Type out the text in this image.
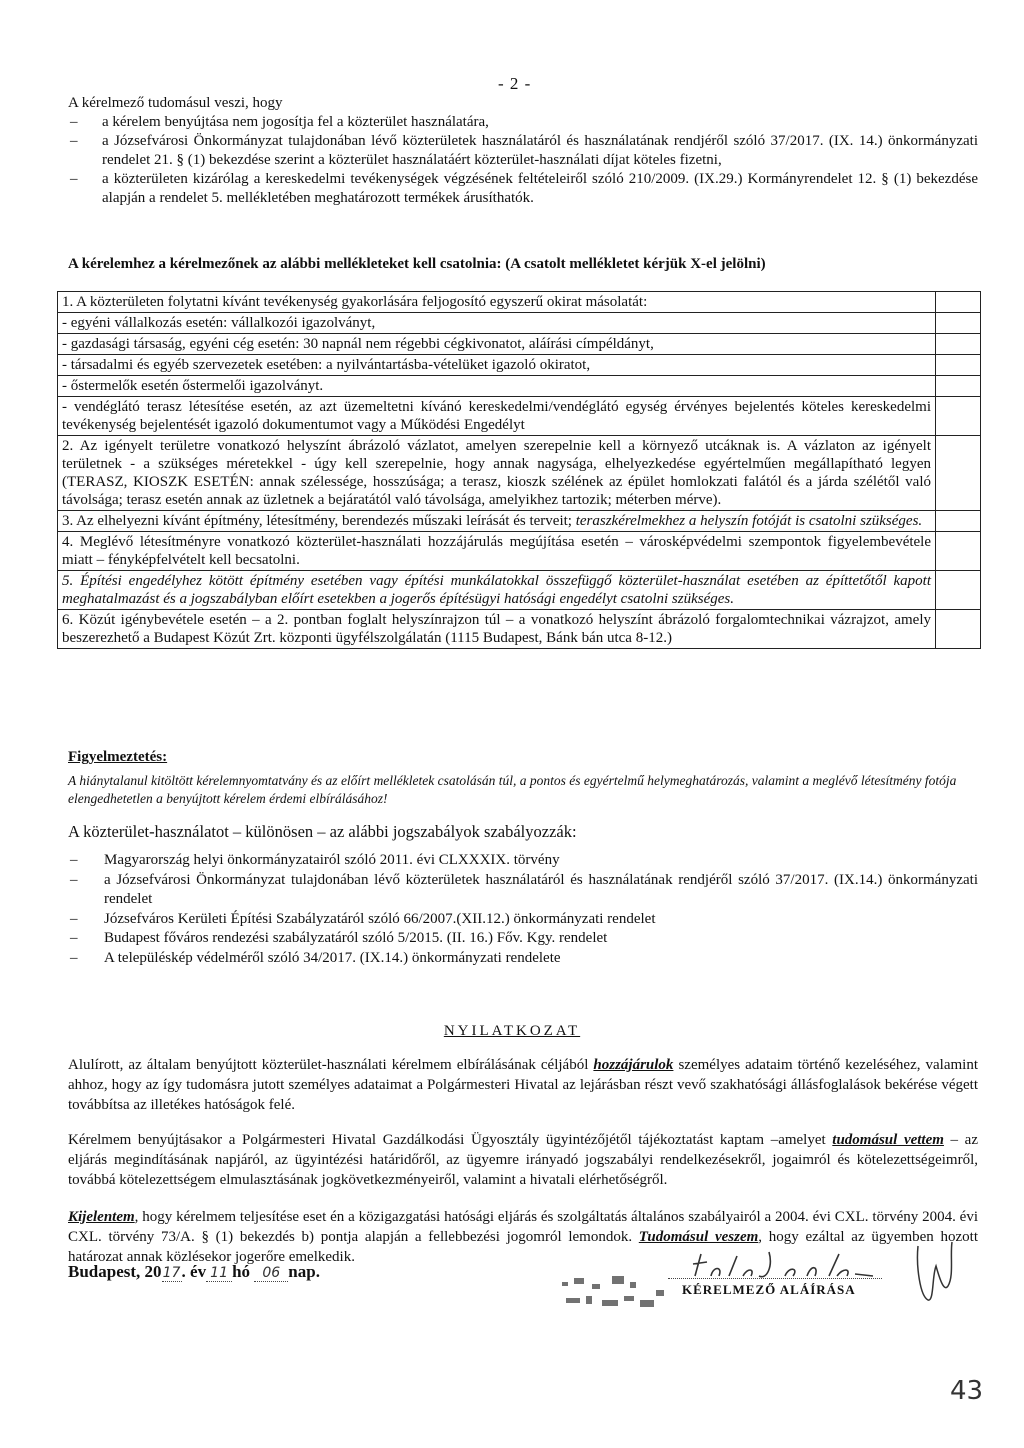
- 2 -
A kérelmező tudomásul veszi, hogy
–	a kérelem benyújtása nem jogosítja fel a közterület használatára,
–	a Józsefvárosi Önkormányzat tulajdonában lévő közterületek használatáról és használatának rendjéről szóló 37/2017. (IX. 14.) önkormányzati rendelet 21. § (1) bekezdése szerint a közterület használatáért közterület-használati díjat köteles fizetni,
–	a közterületen kizárólag a kereskedelmi tevékenységek végzésének feltételeiről szóló 210/2009. (IX.29.) Kormányrendelet 12. § (1) bekezdése alapján a rendelet 5. mellékletében meghatározott termékek árusíthatók.
A kérelemhez a kérelmezőnek az alábbi mellékleteket kell csatolnia: (A csatolt mellékletet kérjük X-el jelölni)
1. A közterületen folytatni kívánt tevékenység gyakorlására feljogosító egyszerű okirat másolatát:	
- egyéni vállalkozás esetén: vállalkozói igazolványt,	
- gazdasági társaság, egyéni cég esetén: 30 napnál nem régebbi cégkivonatot, aláírási címpéldányt,	
- társadalmi és egyéb szervezetek esetében: a nyilvántartásba-vételüket igazoló okiratot,	
- őstermelők esetén őstermelői igazolványt.	
- vendéglátó terasz létesítése esetén, az azt üzemeltetni kívánó kereskedelmi/vendéglátó egység érvényes bejelentés köteles kereskedelmi tevékenység bejelentését igazoló dokumentumot vagy a Működési Engedélyt	
2. Az igényelt területre vonatkozó helyszínt ábrázoló vázlatot, amelyen szerepelnie kell a környező utcáknak is. A vázlaton az igényelt területnek - a szükséges méretekkel - úgy kell szerepelnie, hogy annak nagysága, elhelyezkedése egyértelműen megállapítható legyen (TERASZ, KIOSZK ESETÉN: annak szélessége, hosszúsága; a terasz, kioszk szélének az épület homlokzati falától és a járda szélétől való távolsága; terasz esetén annak az üzletnek a bejáratától való távolsága, amelyikhez tartozik; méterben mérve).	
3. Az elhelyezni kívánt építmény, létesítmény, berendezés műszaki leírását és terveit; teraszkérelmekhez a helyszín fotóját is csatolni szükséges.	
4. Meglévő létesítményre vonatkozó közterület-használati hozzájárulás megújítása esetén – városképvédelmi szempontok figyelembevétele miatt – fényképfelvételt kell becsatolni.	
5. Építési engedélyhez kötött építmény esetében vagy építési munkálatokkal összefüggő közterület-használat esetében az építtetőtől kapott meghatalmazást és a jogszabályban előírt esetekben a jogerős építésügyi hatósági engedélyt csatolni szükséges.	
6. Közút igénybevétele esetén – a 2. pontban foglalt helyszínrajzon túl – a vonatkozó helyszínt ábrázoló forgalomtechnikai vázrajzot, amely beszerezhető a Budapest Közút Zrt. központi ügyfélszolgálatán (1115 Budapest, Bánk bán utca 8-12.)	
Figyelmeztetés:
A hiánytalanul kitöltött kérelemnyomtatvány és az előírt mellékletek csatolásán túl, a pontos és egyértelmű helymeghatározás, valamint a meglévő létesítmény fotója elengedhetetlen a benyújtott kérelem érdemi elbírálásához!
A közterület-használatot – különösen – az alábbi jogszabályok szabályozzák:
–	Magyarország helyi önkormányzatairól szóló 2011. évi CLXXXIX. törvény
–	a Józsefvárosi Önkormányzat tulajdonában lévő közterületek használatáról és használatának rendjéről szóló 37/2017. (IX.14.) önkormányzati rendelet
–	Józsefváros Kerületi Építési Szabályzatáról szóló 66/2007.(XII.12.) önkormányzati rendelet
–	Budapest főváros rendezési szabályzatáról szóló 5/2015. (II. 16.) Főv. Kgy. rendelet
–	A településkép védelméről szóló 34/2017. (IX.14.) önkormányzati rendelete
NYILATKOZAT
Alulírott, az általam benyújtott közterület-használati kérelmem elbírálásának céljából hozzájárulok személyes adataim történő kezeléséhez, valamint ahhoz, hogy az így tudomásra jutott személyes adataimat a Polgármesteri Hivatal az lejárásban részt vevő szakhatósági állásfoglalások bekérése végett továbbítsa az illetékes hatóságok felé.
Kérelmem benyújtásakor a Polgármesteri Hivatal Gazdálkodási Ügyosztály ügyintézőjétől tájékoztatást kaptam –amelyet tudomásul vettem – az eljárás megindításának napjáról, az ügyintézési határidőről, az ügyemre irányadó jogszabályi rendelkezésekről, jogaimról és kötelezettségeimről, továbbá kötelezettségem elmulasztásának jogkövetkezményeiről, valamint a hivatali elérhetőségről.
Kijelentem, hogy kérelmem teljesítése eset én a közigazgatási hatósági eljárás és szolgáltatás általános szabályairól a 2004. évi CXL. törvény 2004. évi CXL. törvény 73/A. § (1) bekezdés b) pontja alapján a fellebbezési jogomról lemondok. Tudomásul veszem, hogy ezáltal az ügyemben hozott határozat annak közlésekor jogerőre emelkedik.
Budapest, 2017. év 11 hó 06 nap.
KÉRELMEZŐ ALÁÍRÁSA
43
